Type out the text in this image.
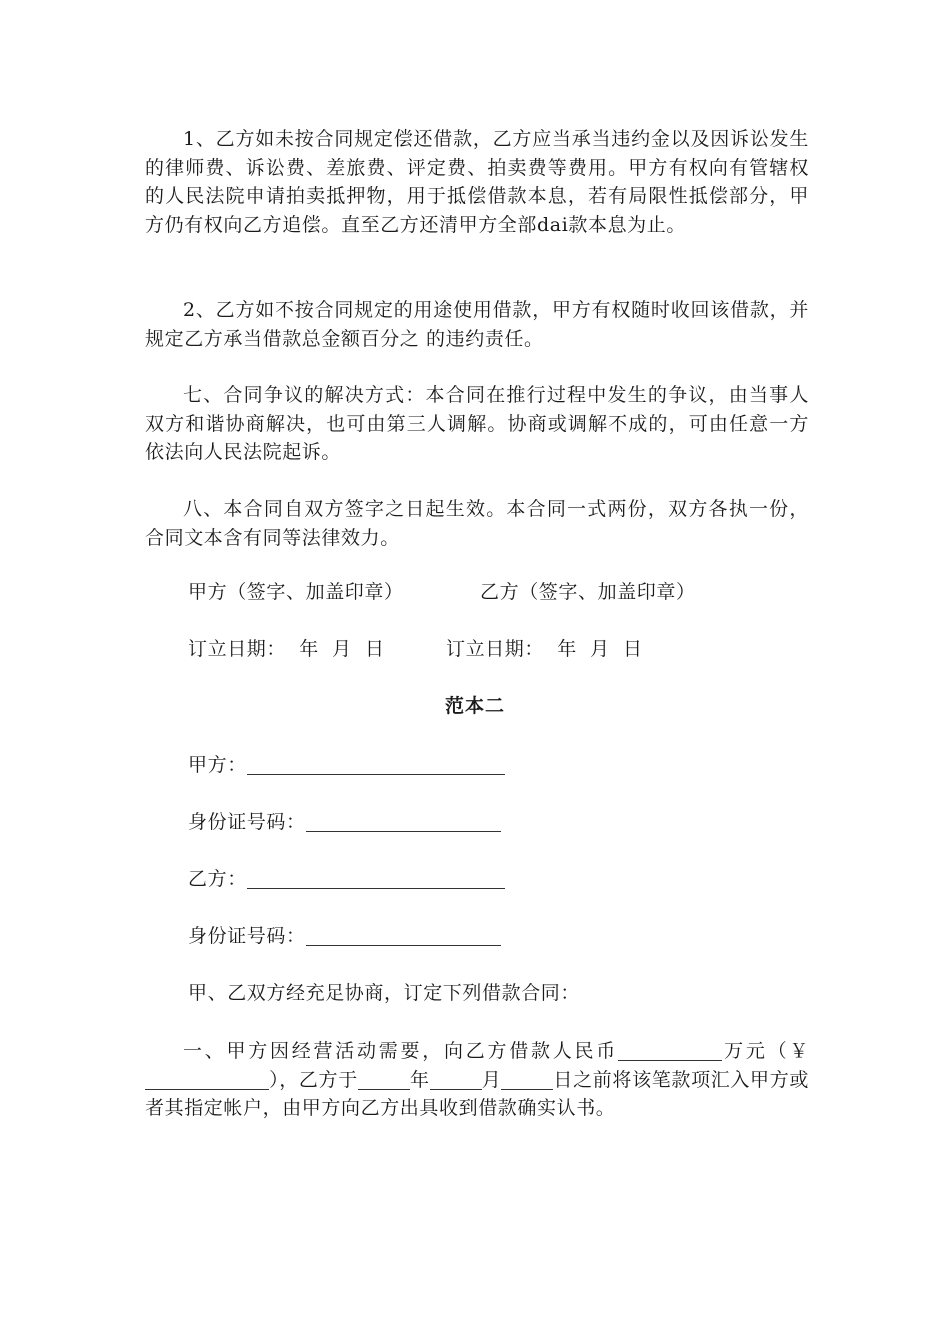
1、乙方如未按合同规定偿还借款，乙方应当承当违约金以及因诉讼发生的律师费、诉讼费、差旅费、评定费、拍卖费等费用。甲方有权向有管辖权的人民法院申请拍卖抵押物，用于抵偿借款本息，若有局限性抵偿部分，甲方仍有权向乙方追偿。直至乙方还清甲方全部dai款本息为止。

2、乙方如不按合同规定的用途使用借款，甲方有权随时收回该借款，并规定乙方承当借款总金额百分之 的违约责任。

七、合同争议的解决方式：本合同在推行过程中发生的争议，由当事人双方和谐协商解决，也可由第三人调解。协商或调解不成的，可由任意一方依法向人民法院起诉。

八、本合同自双方签字之日起生效。本合同一式两份，双方各执一份，合同文本含有同等法律效力。

甲方（签字、加盖印章）	乙方（签字、加盖印章）
订立日期：  年  月  日	订立日期：  年  月  日
范本二
甲方：
身份证号码：
乙方：
身份证号码：
甲、乙双方经充足协商，订定下列借款合同：

一、甲方因经营活动需要，向乙方借款人民币	万元（￥），乙方于	年	月	日之前将该笔款项汇入甲方或者其指定帐户，由甲方向乙方出具收到借款确实认书。
